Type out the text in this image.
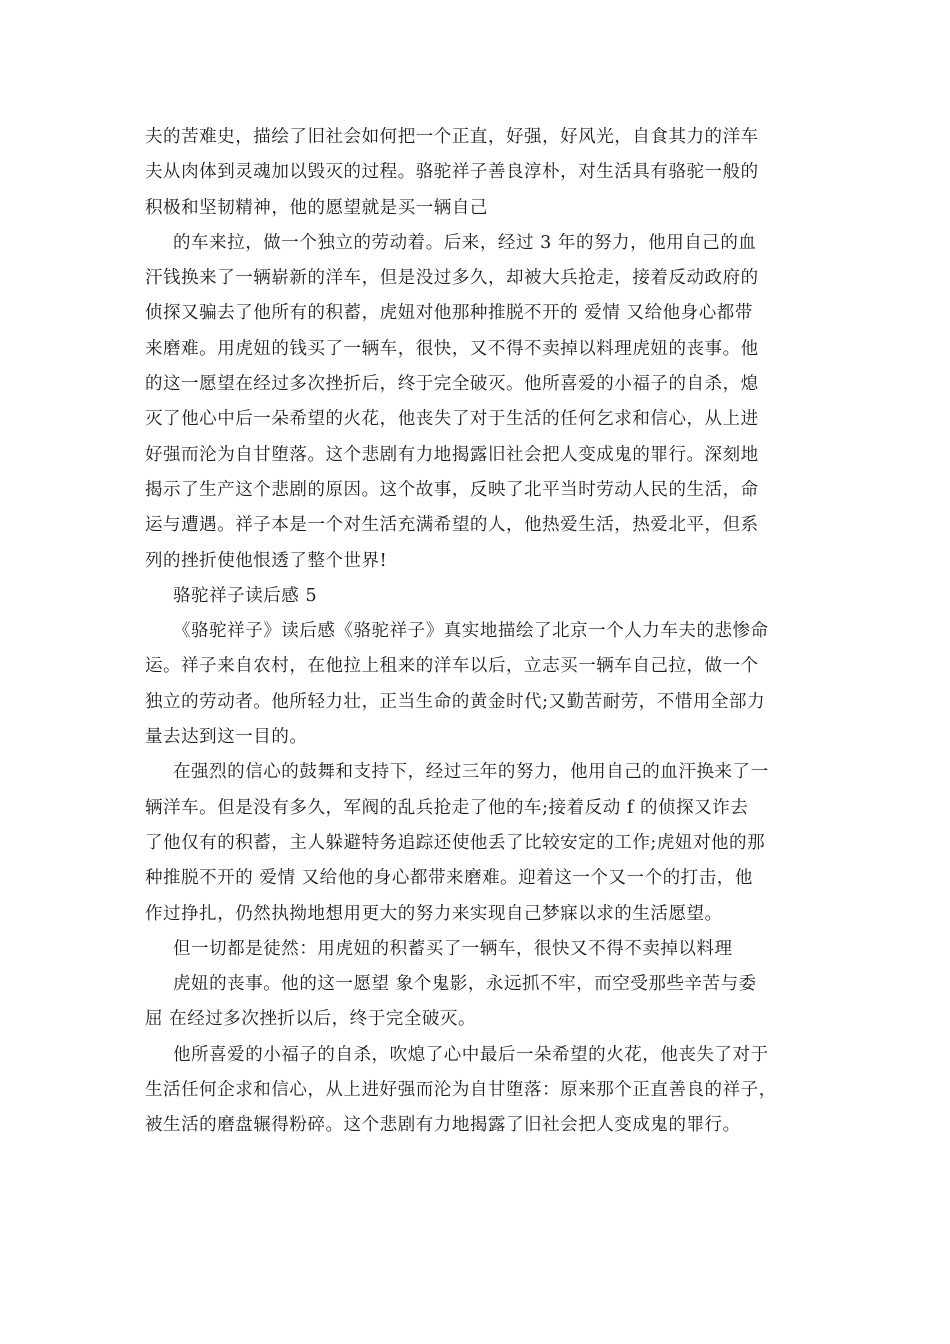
夫的苦难史，描绘了旧社会如何把一个正直，好强，好风光，自食其力的洋车
夫从肉体到灵魂加以毁灭的过程。骆驼祥子善良淳朴，对生活具有骆驼一般的
积极和坚韧精神，他的愿望就是买一辆自己
的车来拉，做一个独立的劳动着。后来，经过 3 年的努力，他用自己的血
汗钱换来了一辆崭新的洋车，但是没过多久，却被大兵抢走，接着反动政府的
侦探又骗去了他所有的积蓄，虎妞对他那种推脱不开的 爱情 又给他身心都带
来磨难。用虎妞的钱买了一辆车，很快，又不得不卖掉以料理虎妞的丧事。他
的这一愿望在经过多次挫折后，终于完全破灭。他所喜爱的小福子的自杀，熄
灭了他心中后一朵希望的火花，他丧失了对于生活的任何乞求和信心，从上进
好强而沦为自甘堕落。这个悲剧有力地揭露旧社会把人变成鬼的罪行。深刻地
揭示了生产这个悲剧的原因。这个故事，反映了北平当时劳动人民的生活，命
运与遭遇。祥子本是一个对生活充满希望的人，他热爱生活，热爱北平，但系
列的挫折使他恨透了整个世界!
骆驼祥子读后感 5
《骆驼祥子》读后感《骆驼祥子》真实地描绘了北京一个人力车夫的悲惨命
运。祥子来自农村，在他拉上租来的洋车以后，立志买一辆车自己拉，做一个
独立的劳动者。他所轻力壮，正当生命的黄金时代;又勤苦耐劳，不惜用全部力
量去达到这一目的。
在强烈的信心的鼓舞和支持下，经过三年的努力，他用自己的血汗换来了一
辆洋车。但是没有多久，军阀的乱兵抢走了他的车;接着反动 f 的侦探又诈去
了他仅有的积蓄，主人躲避特务追踪还使他丢了比较安定的工作;虎妞对他的那
种推脱不开的 爱情 又给他的身心都带来磨难。迎着这一个又一个的打击，他
作过挣扎，仍然执拗地想用更大的努力来实现自己梦寐以求的生活愿望。
但一切都是徒然：用虎妞的积蓄买了一辆车，很快又不得不卖掉以料理
虎妞的丧事。他的这一愿望 象个鬼影，永远抓不牢，而空受那些辛苦与委
屈 在经过多次挫折以后，终于完全破灭。
他所喜爱的小福子的自杀，吹熄了心中最后一朵希望的火花，他丧失了对于
生活任何企求和信心，从上进好强而沦为自甘堕落：原来那个正直善良的祥子，
被生活的磨盘辗得粉碎。这个悲剧有力地揭露了旧社会把人变成鬼的罪行。
